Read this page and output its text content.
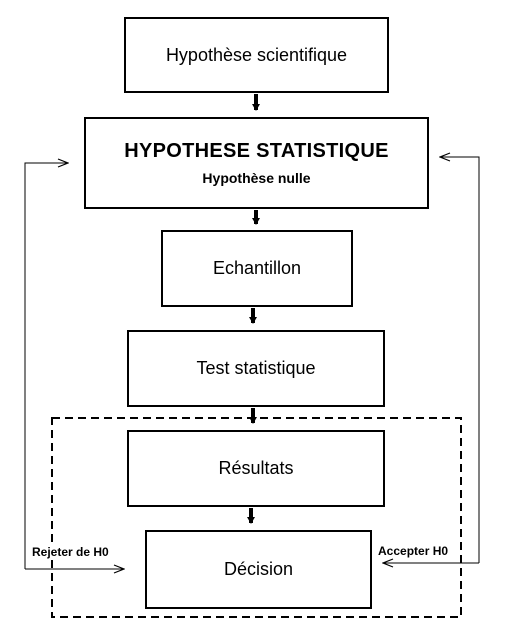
Hypothèse scientifique
HYPOTHESE STATISTIQUE
Hypothèse nulle
Echantillon
Test statistique
Résultats
Décision
Rejeter de H0	Accepter H0
